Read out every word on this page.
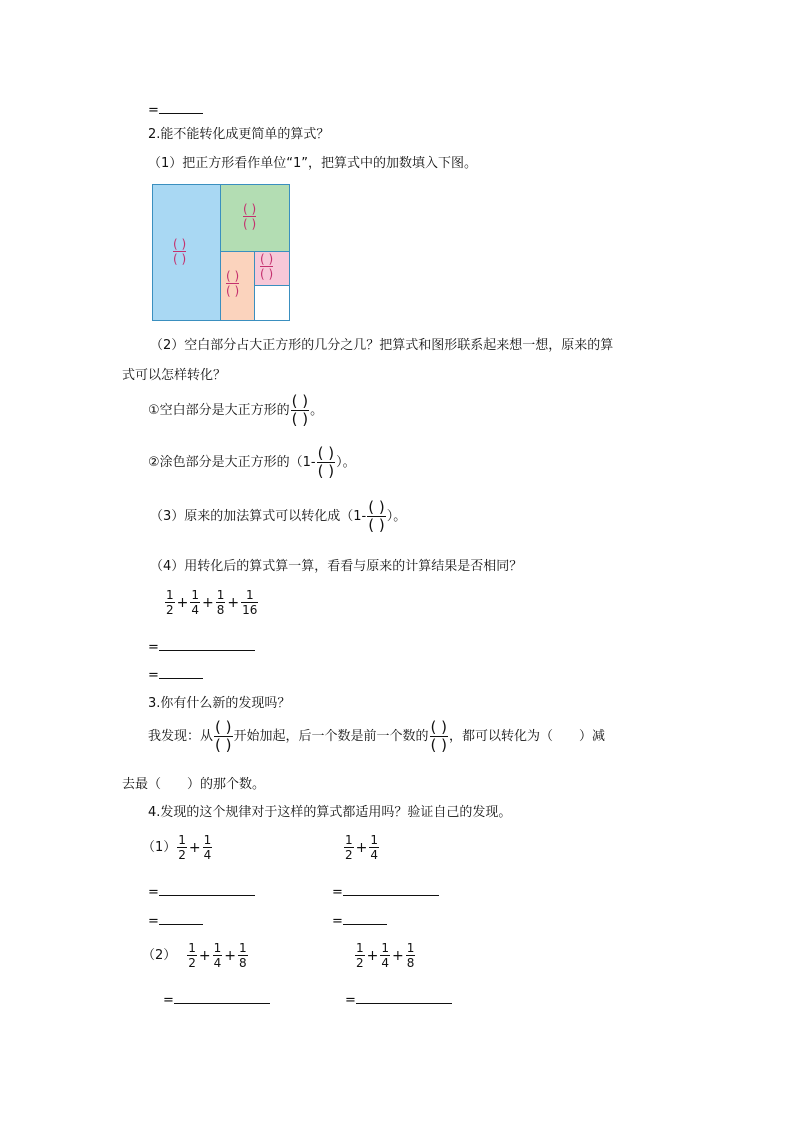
=
2.能不能转化成更简单的算式？
（1）把正方形看作单位“1”，把算式中的加数填入下图。
( )
( )
( )
( )
( )
( )
( )
( )
（2）空白部分占大正方形的几分之几？把算式和图形联系起来想一想，原来的算
式可以怎样转化？
①空白部分是大正方形的 $\frac{( )}{( )}$ 。
②涂色部分是大正方形的（$1- \frac{( )}{( )}$ ）。
（3）原来的加法算式可以转化成（$1- \frac{( )}{( )}$ ）。
（4）用转化后的算式算一算，看看与原来的计算结果是否相同？
$\frac{1}{2} + \frac{1}{4} + \frac{1}{8} + \frac{1}{16}$
=
=
3.你有什么新的发现吗？
我发现：从 $\frac{( )}{( )}$ 开始加起，后一个数是前一个数的 $\frac{( )}{( )}$ ，都可以转化为（　　）减
去最（　　）的那个数。
4.发现的这个规律对于这样的算式都适用吗？验证自己的发现。
$(1) \frac{1}{2} + \frac{1}{4}$	$\frac{1}{2} + \frac{1}{4}$
=	=
=	=
$(2) \frac{1}{2} + \frac{1}{4} + \frac{1}{8}$	$\frac{1}{2} + \frac{1}{4} + \frac{1}{8}$
=	=
